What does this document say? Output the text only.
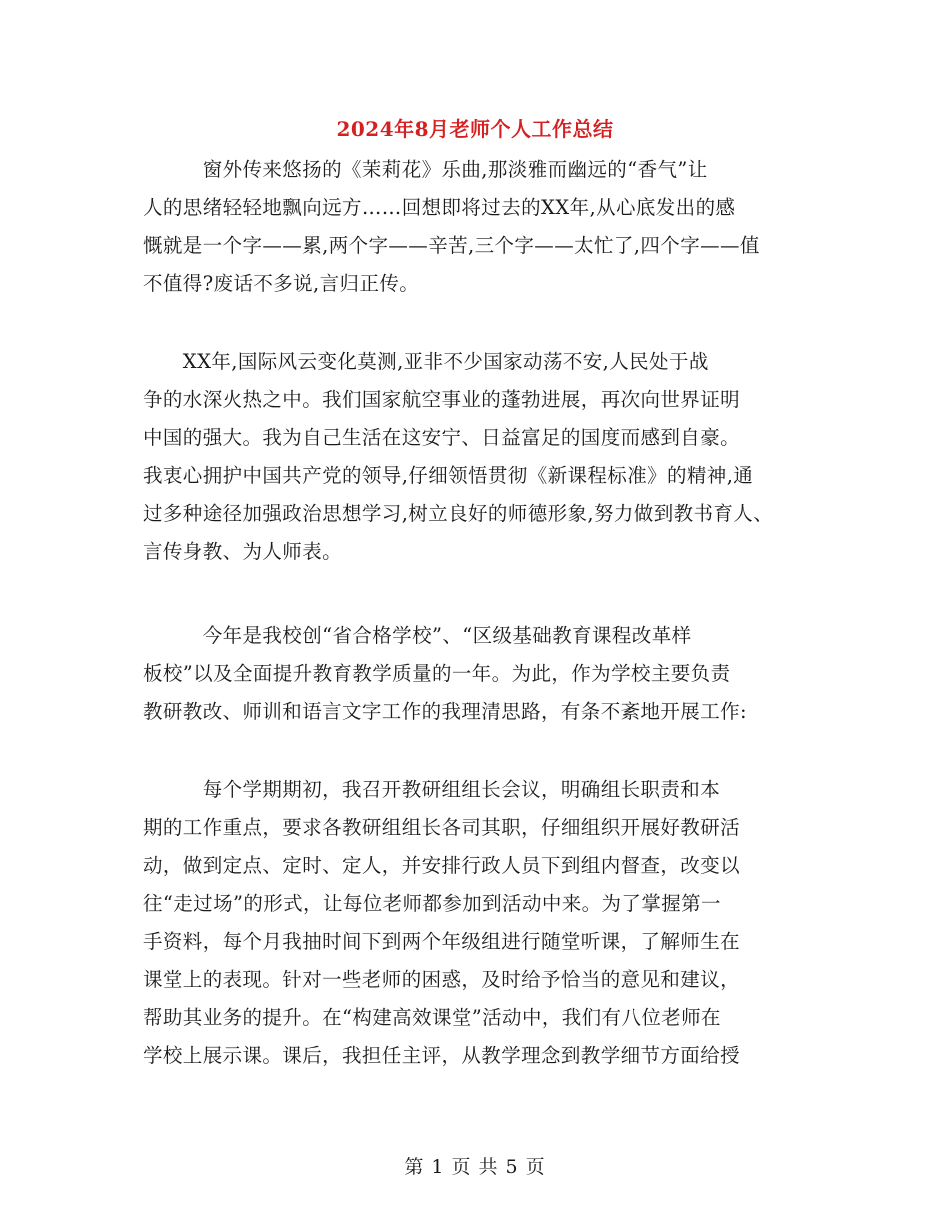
2024年8月老师个人工作总结
　　　窗外传来悠扬的《茉莉花》乐曲,那淡雅而幽远的“香气”让
人的思绪轻轻地飘向远方……回想即将过去的XX年,从心底发出的感
慨就是一个字——累,两个字——辛苦,三个字——太忙了,四个字——值
不值得?废话不多说,言归正传。
　　XX年,国际风云变化莫测,亚非不少国家动荡不安,人民处于战
争的水深火热之中。我们国家航空事业的蓬勃进展，再次向世界证明
中国的强大。我为自己生活在这安宁、日益富足的国度而感到自豪。
我衷心拥护中国共产党的领导,仔细领悟贯彻《新课程标准》的精神,通
过多种途径加强政治思想学习,树立良好的师德形象,努力做到教书育人、
言传身教、为人师表。
　　　今年是我校创“省合格学校”、“区级基础教育课程改革样
板校”以及全面提升教育教学质量的一年。为此，作为学校主要负责
教研教改、师训和语言文字工作的我理清思路，有条不紊地开展工作:
　　　每个学期期初，我召开教研组组长会议，明确组长职责和本
期的工作重点，要求各教研组组长各司其职，仔细组织开展好教研活
动，做到定点、定时、定人，并安排行政人员下到组内督查，改变以
往“走过场”的形式，让每位老师都参加到活动中来。为了掌握第一
手资料，每个月我抽时间下到两个年级组进行随堂听课，了解师生在
课堂上的表现。针对一些老师的困惑，及时给予恰当的意见和建议，
帮助其业务的提升。在“构建高效课堂”活动中，我们有八位老师在
学校上展示课。课后，我担任主评，从教学理念到教学细节方面给授
第 1 页 共 5 页
